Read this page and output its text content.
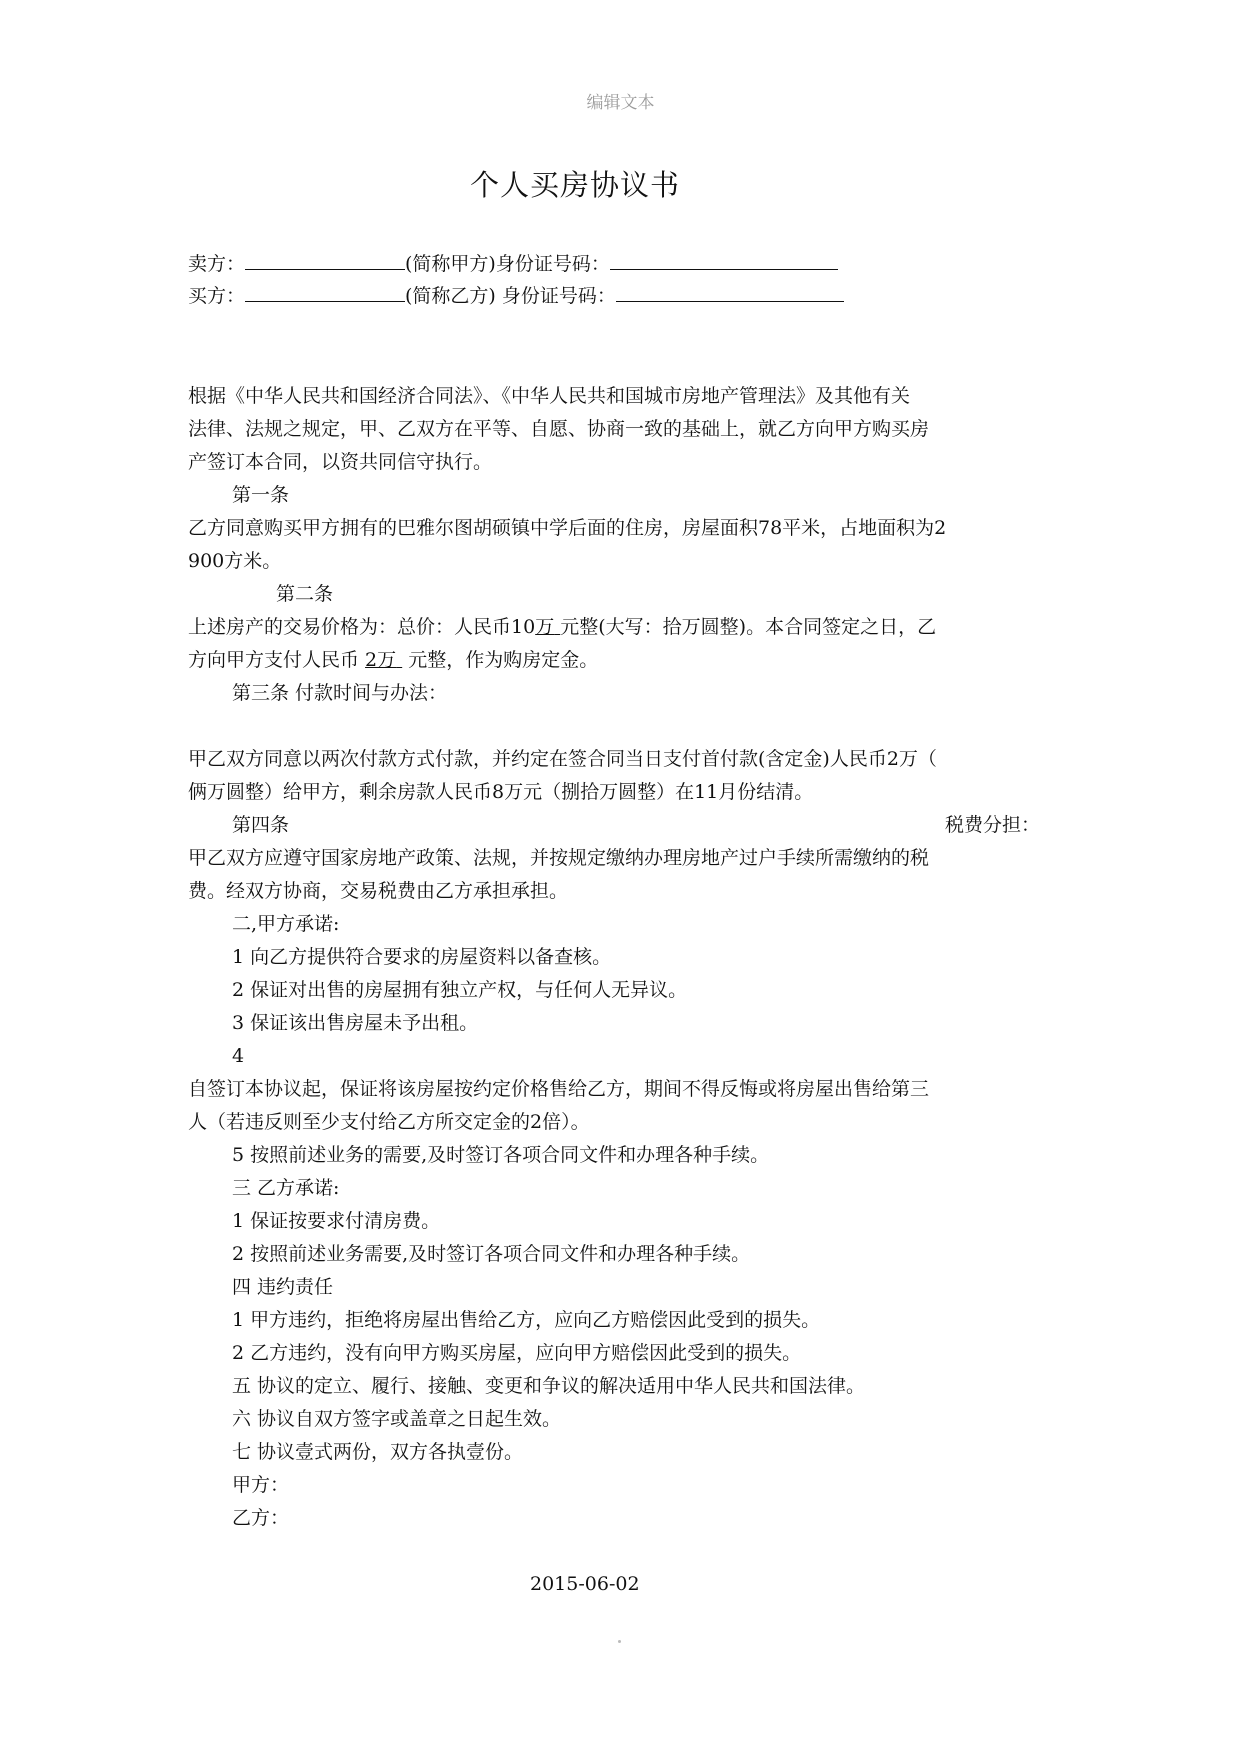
编辑文本
个人买房协议书
卖方：	(简称甲方)身份证号码：
买方：	(简称乙方) 身份证号码：
根据《中华人民共和国经济合同法》、《中华人民共和国城市房地产管理法》及其他有关
法律、法规之规定，甲、乙双方在平等、自愿、协商一致的基础上，就乙方向甲方购买房
产签订本合同，以资共同信守执行。
第一条
乙方同意购买甲方拥有的巴雅尔图胡硕镇中学后面的住房，房屋面积78平米，占地面积为2
900方米。
第二条
上述房产的交易价格为：总价：人民币10万 元整(大写：拾万圆整)。本合同签定之日，乙
方向甲方支付人民币 2万  元整，作为购房定金。
第三条 付款时间与办法：
甲乙双方同意以两次付款方式付款，并约定在签合同当日支付首付款(含定金)人民币2万（
俩万圆整）给甲方，剩余房款人民币8万元（捌拾万圆整）在11月份结清。
第四条	税费分担：
甲乙双方应遵守国家房地产政策、法规，并按规定缴纳办理房地产过户手续所需缴纳的税
费。经双方协商，交易税费由乙方承担承担。
二,甲方承诺:
1 向乙方提供符合要求的房屋资料以备查核。
2 保证对出售的房屋拥有独立产权，与任何人无异议。
3 保证该出售房屋未予出租。
4
自签订本协议起，保证将该房屋按约定价格售给乙方，期间不得反悔或将房屋出售给第三
人（若违反则至少支付给乙方所交定金的2倍）。
5 按照前述业务的需要,及时签订各项合同文件和办理各种手续。
三 乙方承诺:
1 保证按要求付清房费。
2 按照前述业务需要,及时签订各项合同文件和办理各种手续。
四 违约责任
1 甲方违约，拒绝将房屋出售给乙方，应向乙方赔偿因此受到的损失。
2 乙方违约，没有向甲方购买房屋，应向甲方赔偿因此受到的损失。
五 协议的定立、履行、接触、变更和争议的解决适用中华人民共和国法律。
六 协议自双方签字或盖章之日起生效。
七 协议壹式两份，双方各执壹份。
甲方：
乙方：
2015-06-02
